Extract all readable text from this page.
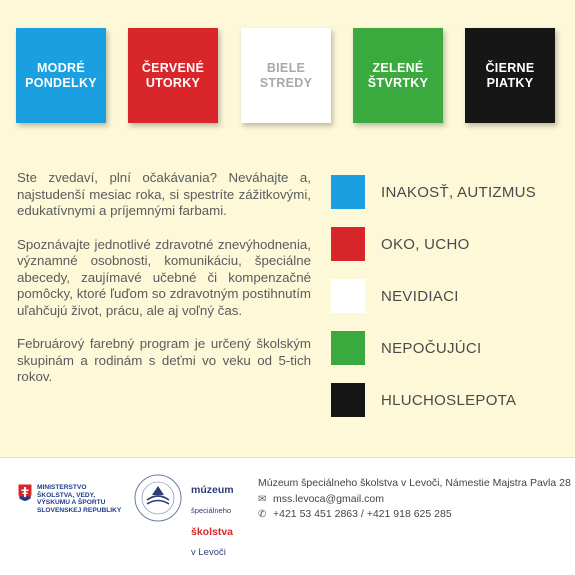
MODRÉ
PONDELKY
ČERVENÉ
UTORKY
BIELE
STREDY
ZELENÉ
ŠTVRTKY
ČIERNE
PIATKY

Ste zvedaví, plní očakávania? Neváhajte a, najstudenší mesiac roka, si spestríte zážitkovými, edukatívnymi a príjemnými farbami.

Spoznávajte jednotlivé zdravotné znevýhodnenia, významné osobnosti, komunikáciu, špeciálne abecedy, zaujímavé učebné či kompenzačné pomôcky, ktoré ľuďom so zdravotným postihnutím uľahčujú život, prácu, ale aj voľný čas.

Februárový farebný program je určený školským skupinám a rodinám s deťmi vo veku od 5-tich rokov.

INAKOSŤ, AUTIZMUS
OKO, UCHO
NEVIDIACI
NEPOČUJÚCI
HLUCHOSLEPOTA
MINISTERSTVO
ŠKOLSTVA, VEDY,
VÝSKUMU A ŠPORTU
SLOVENSKEJ REPUBLIKY

múzeum

špeciálneho

školstva

v Levoči

Múzeum špeciálneho školstva v Levoči, Námestie Majstra Pavla 28
✉ mss.levoca@gmail.com
✆ +421 53 451 2863 / +421 918 625 285
